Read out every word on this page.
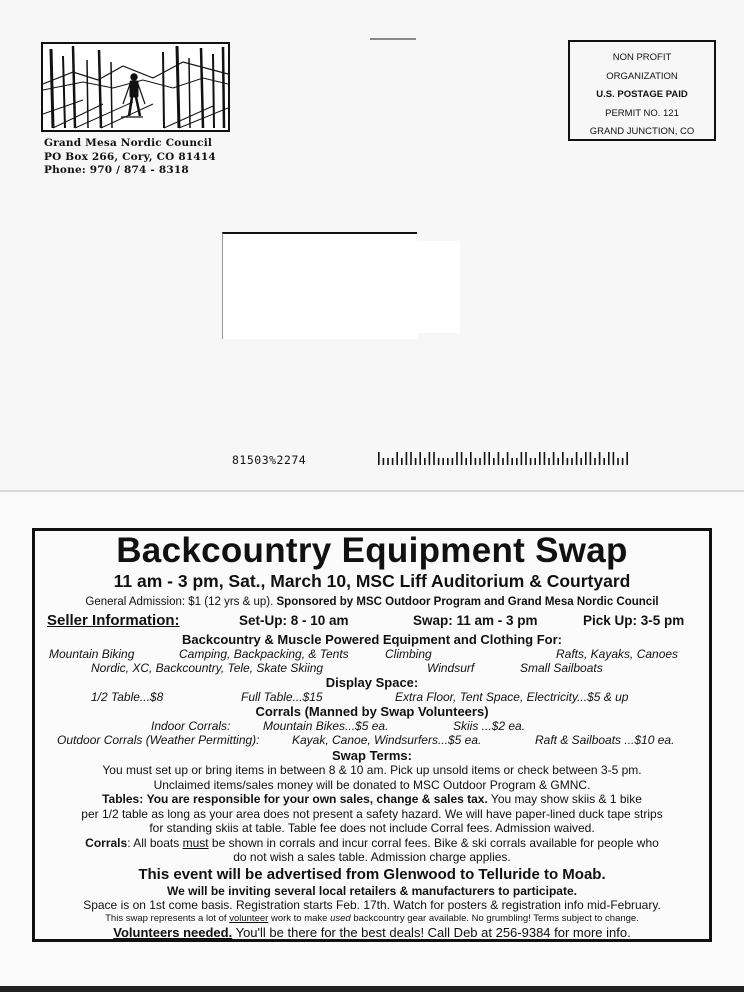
Grand Mesa Nordic Council
PO Box 266, Cory, CO 81414
Phone: 970 / 874 - 8318
NON PROFIT
ORGANIZATION
U.S. POSTAGE PAID
PERMIT NO. 121
GRAND JUNCTION, CO
81503%2274
Backcountry Equipment Swap
11 am - 3 pm, Sat., March 10, MSC Liff Auditorium & Courtyard
General Admission: $1 (12 yrs & up). Sponsored by MSC Outdoor Program and Grand Mesa Nordic Council
Seller Information:	Set-Up: 8 - 10 am	Swap: 11 am - 3 pm	Pick Up: 3-5 pm
Backcountry & Muscle Powered Equipment and Clothing For:
Mountain Biking	Camping, Backpacking, & Tents	Climbing	Rafts, Kayaks, Canoes
Nordic, XC, Backcountry, Tele, Skate Skiing	Windsurf	Small Sailboats
Display Space:
1/2 Table...$8	Full Table...$15	Extra Floor, Tent Space, Electricity...$5 & up
Corrals (Manned by Swap Volunteers)
Indoor Corrals:	Mountain Bikes...$5 ea.	Skiis ...$2 ea.
Outdoor Corrals (Weather Permitting):	Kayak, Canoe, Windsurfers...$5 ea.	Raft & Sailboats ...$10 ea.
Swap Terms:
You must set up or bring items in between 8 & 10 am. Pick up unsold items or check between 3-5 pm.
Unclaimed items/sales money will be donated to MSC Outdoor Program & GMNC.
Tables: You are responsible for your own sales, change & sales tax. You may show skiis & 1 bike
per 1/2 table as long as your area does not present a safety hazard. We will have paper-lined duck tape strips
for standing skiis at table. Table fee does not include Corral fees. Admission waived.
Corrals: All boats must be shown in corrals and incur corral fees. Bike & ski corrals available for people who
do not wish a sales table. Admission charge applies.
This event will be advertised from Glenwood to Telluride to Moab.
We will be inviting several local retailers & manufacturers to participate.
Space is on 1st come basis. Registration starts Feb. 17th. Watch for posters & registration info mid-February.
This swap represents a lot of volunteer work to make used backcountry gear available. No grumbling! Terms subject to change.
Volunteers needed. You'll be there for the best deals! Call Deb at 256-9384 for more info.
